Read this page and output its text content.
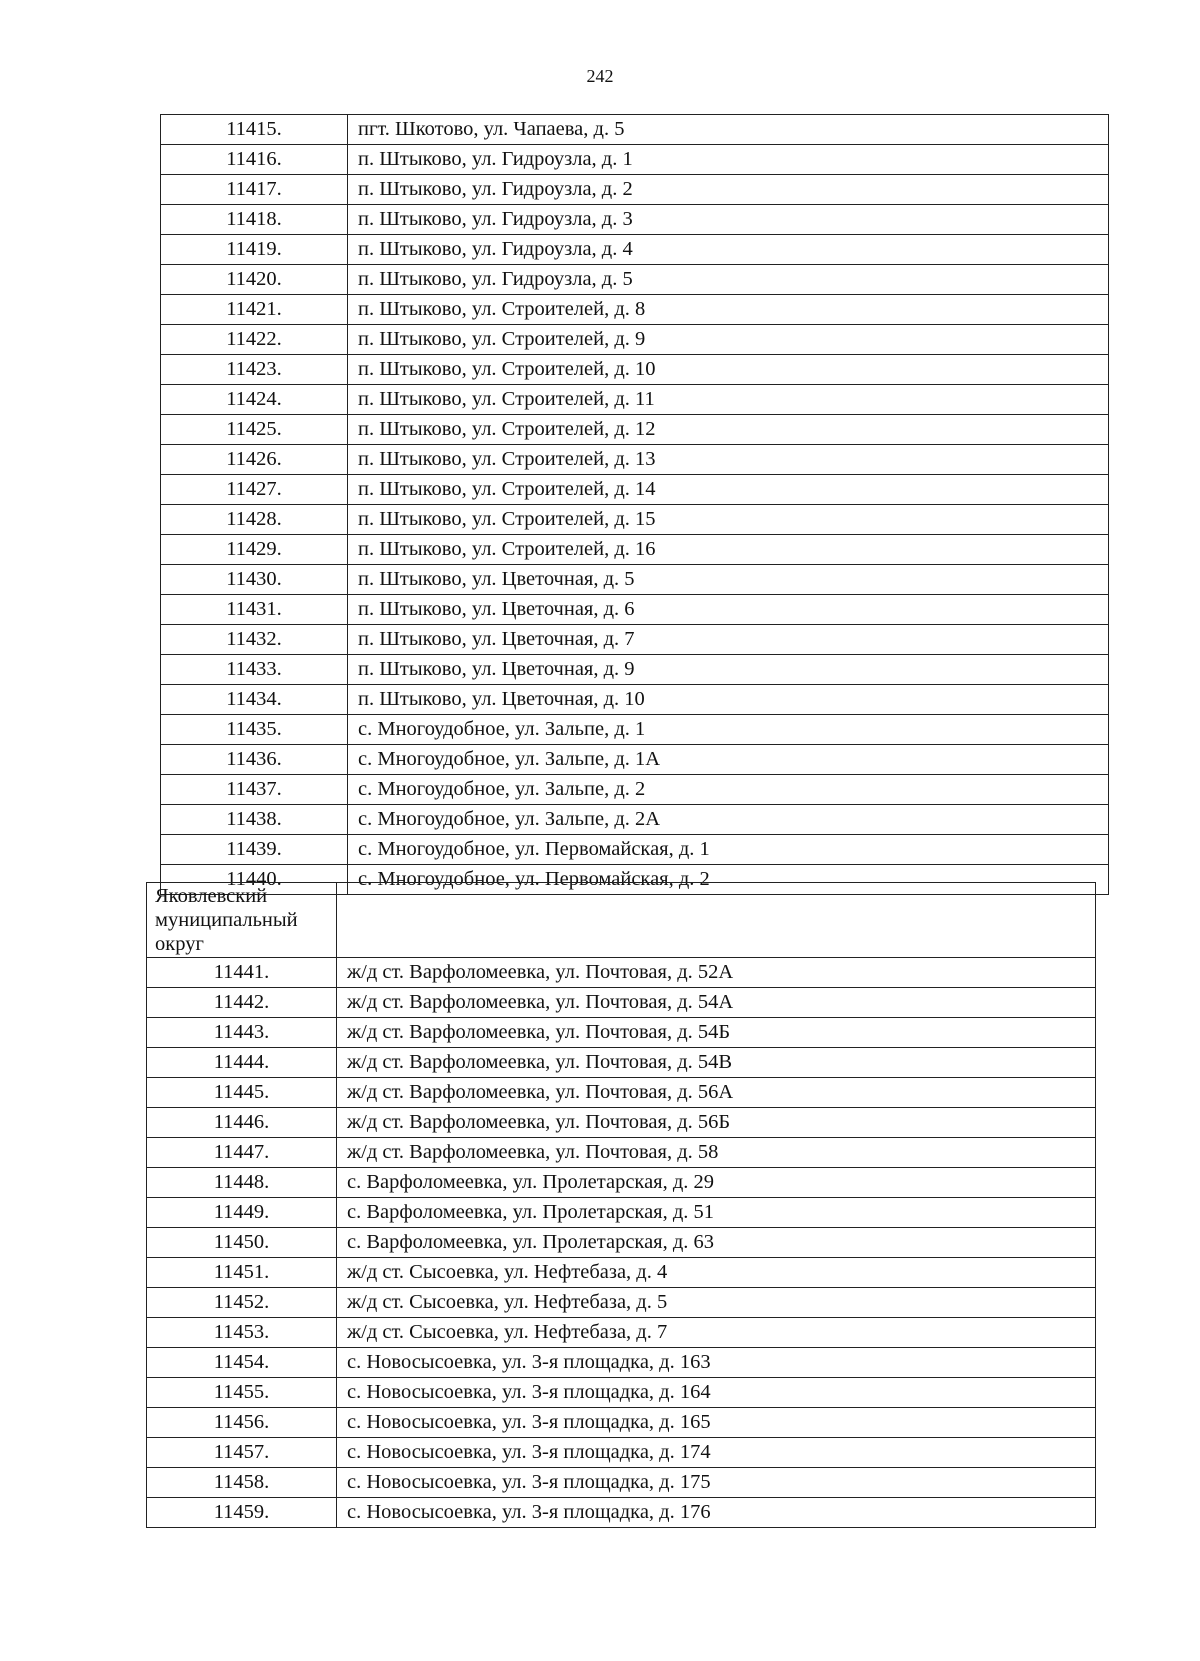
242
11415.	пгт. Шкотово, ул. Чапаева, д. 5
11416.	п. Штыково, ул. Гидроузла, д. 1
11417.	п. Штыково, ул. Гидроузла, д. 2
11418.	п. Штыково, ул. Гидроузла, д. 3
11419.	п. Штыково, ул. Гидроузла, д. 4
11420.	п. Штыково, ул. Гидроузла, д. 5
11421.	п. Штыково, ул. Строителей, д. 8
11422.	п. Штыково, ул. Строителей, д. 9
11423.	п. Штыково, ул. Строителей, д. 10
11424.	п. Штыково, ул. Строителей, д. 11
11425.	п. Штыково, ул. Строителей, д. 12
11426.	п. Штыково, ул. Строителей, д. 13
11427.	п. Штыково, ул. Строителей, д. 14
11428.	п. Штыково, ул. Строителей, д. 15
11429.	п. Штыково, ул. Строителей, д. 16
11430.	п. Штыково, ул. Цветочная, д. 5
11431.	п. Штыково, ул. Цветочная, д. 6
11432.	п. Штыково, ул. Цветочная, д. 7
11433.	п. Штыково, ул. Цветочная, д. 9
11434.	п. Штыково, ул. Цветочная, д. 10
11435.	с. Многоудобное, ул. Зальпе, д. 1
11436.	с. Многоудобное, ул. Зальпе, д. 1А
11437.	с. Многоудобное, ул. Зальпе, д. 2
11438.	с. Многоудобное, ул. Зальпе, д. 2А
11439.	с. Многоудобное, ул. Первомайская, д. 1
11440.	с. Многоудобное, ул. Первомайская, д. 2
Яковлевский муниципальный округ	
11441.	ж/д ст. Варфоломеевка, ул. Почтовая, д. 52А
11442.	ж/д ст. Варфоломеевка, ул. Почтовая, д. 54А
11443.	ж/д ст. Варфоломеевка, ул. Почтовая, д. 54Б
11444.	ж/д ст. Варфоломеевка, ул. Почтовая, д. 54В
11445.	ж/д ст. Варфоломеевка, ул. Почтовая, д. 56А
11446.	ж/д ст. Варфоломеевка, ул. Почтовая, д. 56Б
11447.	ж/д ст. Варфоломеевка, ул. Почтовая, д. 58
11448.	с. Варфоломеевка, ул. Пролетарская, д. 29
11449.	с. Варфоломеевка, ул. Пролетарская, д. 51
11450.	с. Варфоломеевка, ул. Пролетарская, д. 63
11451.	ж/д ст. Сысоевка, ул. Нефтебаза, д. 4
11452.	ж/д ст. Сысоевка, ул. Нефтебаза, д. 5
11453.	ж/д ст. Сысоевка, ул. Нефтебаза, д. 7
11454.	с. Новосысоевка, ул. 3-я площадка, д. 163
11455.	с. Новосысоевка, ул. 3-я площадка, д. 164
11456.	с. Новосысоевка, ул. 3-я площадка, д. 165
11457.	с. Новосысоевка, ул. 3-я площадка, д. 174
11458.	с. Новосысоевка, ул. 3-я площадка, д. 175
11459.	с. Новосысоевка, ул. 3-я площадка, д. 176
